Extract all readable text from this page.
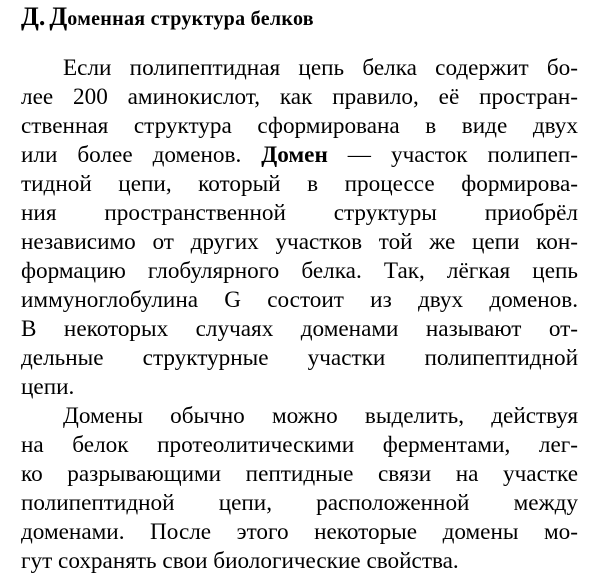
Д. Доменная структура белков
Если полипептидная цепь белка содержит бо-
лее 200 аминокислот, как правило, её простран-
ственная структура сформирована в виде двух
или более доменов. Домен — участок полипеп-
тидной цепи, который в процессе формирова-
ния пространственной структуры приобрёл
независимо от других участков той же цепи кон-
формацию глобулярного белка. Так, лёгкая цепь
иммуноглобулина G состоит из двух доменов.
В некоторых случаях доменами называют от-
дельные структурные участки полипептидной
цепи.
Домены обычно можно выделить, действуя
на белок протеолитическими ферментами, лег-
ко разрывающими пептидные связи на участке
полипептидной цепи, расположенной между
доменами. После этого некоторые домены мо-
гут сохранять свои биологические свойства.
